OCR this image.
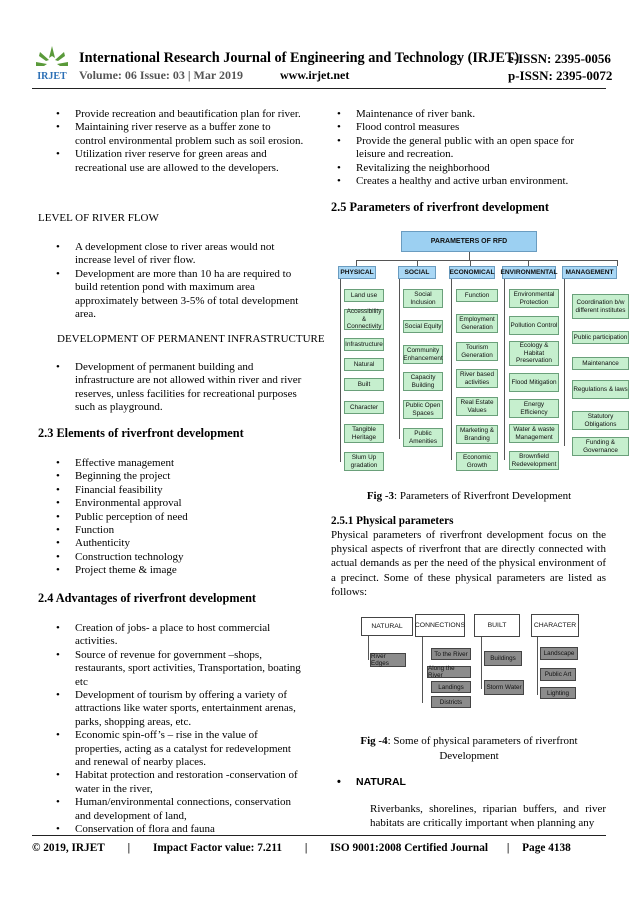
IRJET
International Research Journal of Engineering and Technology (IRJET)
e-ISSN: 2395-0056
Volume: 06 Issue: 03 | Mar 2019	www.irjet.net	p-ISSN: 2395-0072
• Provide recreation and beautification plan for river.
• Maintaining river reserve as a buffer zone to control environmental problem such as soil erosion.
• Utilization river reserve for green areas and recreational use are allowed to the developers.
LEVEL OF RIVER FLOW
• A development close to river areas would not increase level of river flow.
• Development are more than 10 ha are required to build retention pond with maximum area approximately between 3-5% of total development area.
DEVELOPMENT OF PERMANENT INFRASTRUCTURE
• Development of permanent building and infrastructure are not allowed within river and river reserves, unless facilities for recreational purposes such as playground.
2.3 Elements of riverfront development
• Effective management
• Beginning the project
• Financial feasibility
• Environmental approval
• Public perception of need
• Function
• Authenticity
• Construction technology
• Project theme & image
2.4 Advantages of riverfront development
• Creation of jobs- a place to host commercial activities.
• Source of revenue for government –shops, restaurants, sport activities, Transportation, boating etc
• Development of tourism by offering a variety of attractions like water sports, entertainment arenas, parks, shopping areas, etc.
• Economic spin-off’s – rise in the value of properties, acting as a catalyst for redevelopment and renewal of nearby places.
• Habitat protection and restoration -conservation of water in the river,
• Human/environmental connections, conservation and development of land,
• Conservation of flora and fauna
• Maintenance of river bank.
• Flood control measures
• Provide the general public with an open space for leisure and recreation.
• Revitalizing the neighborhood
• Creates a healthy and active urban environment.
2.5 Parameters of riverfront development
PARAMETERS OF RFD
PHYSICAL	SOCIAL	ECONOMICAL ENVIRONMENTAL	MANAGEMENT
Land use
Accessibility & Connectivity
Infrastructure
Natural
Built
Character
Tangible Heritage
Slum Up gradation
Social Inclusion
Social Equity
Community Enhancement
Capacity Building
Public Open Spaces
Public Amenities
Function
Employment Generation
Tourism Generation
River based activities
Real Estate Values
Marketing & Branding
Economic Growth
Environmental Protection
Pollution Control
Ecology & Habitat Preservation
Flood Mitigation
Energy Efficiency
Water & waste Management
Brownfield Redevelopment
Coordination b/w different institutes
Public participation
Maintenance
Regulations & laws
Statutory Obligations
Funding & Governance
Fig -3: Parameters of Riverfront Development
2.5.1 Physical parameters
Physical parameters of riverfront development focus on the physical aspects of riverfront that are directly connected with actual demands as per the need of the physical environment of a precinct. Some of these physical parameters are listed as follows:
NATURAL	CONNECTIONS	BUILT	CHARACTER
River Edges
To the River
Along the River
Landings
Districts
Buildings
Storm Water
Landscape
Public Art
Lighting
Fig -4: Some of physical parameters of riverfront
Development
• NATURAL
Riverbanks, shorelines, riparian buffers, and river habitats are critically important when planning any
© 2019, IRJET | Impact Factor value: 7.211 | ISO 9001:2008 Certified Journal | Page 4138
